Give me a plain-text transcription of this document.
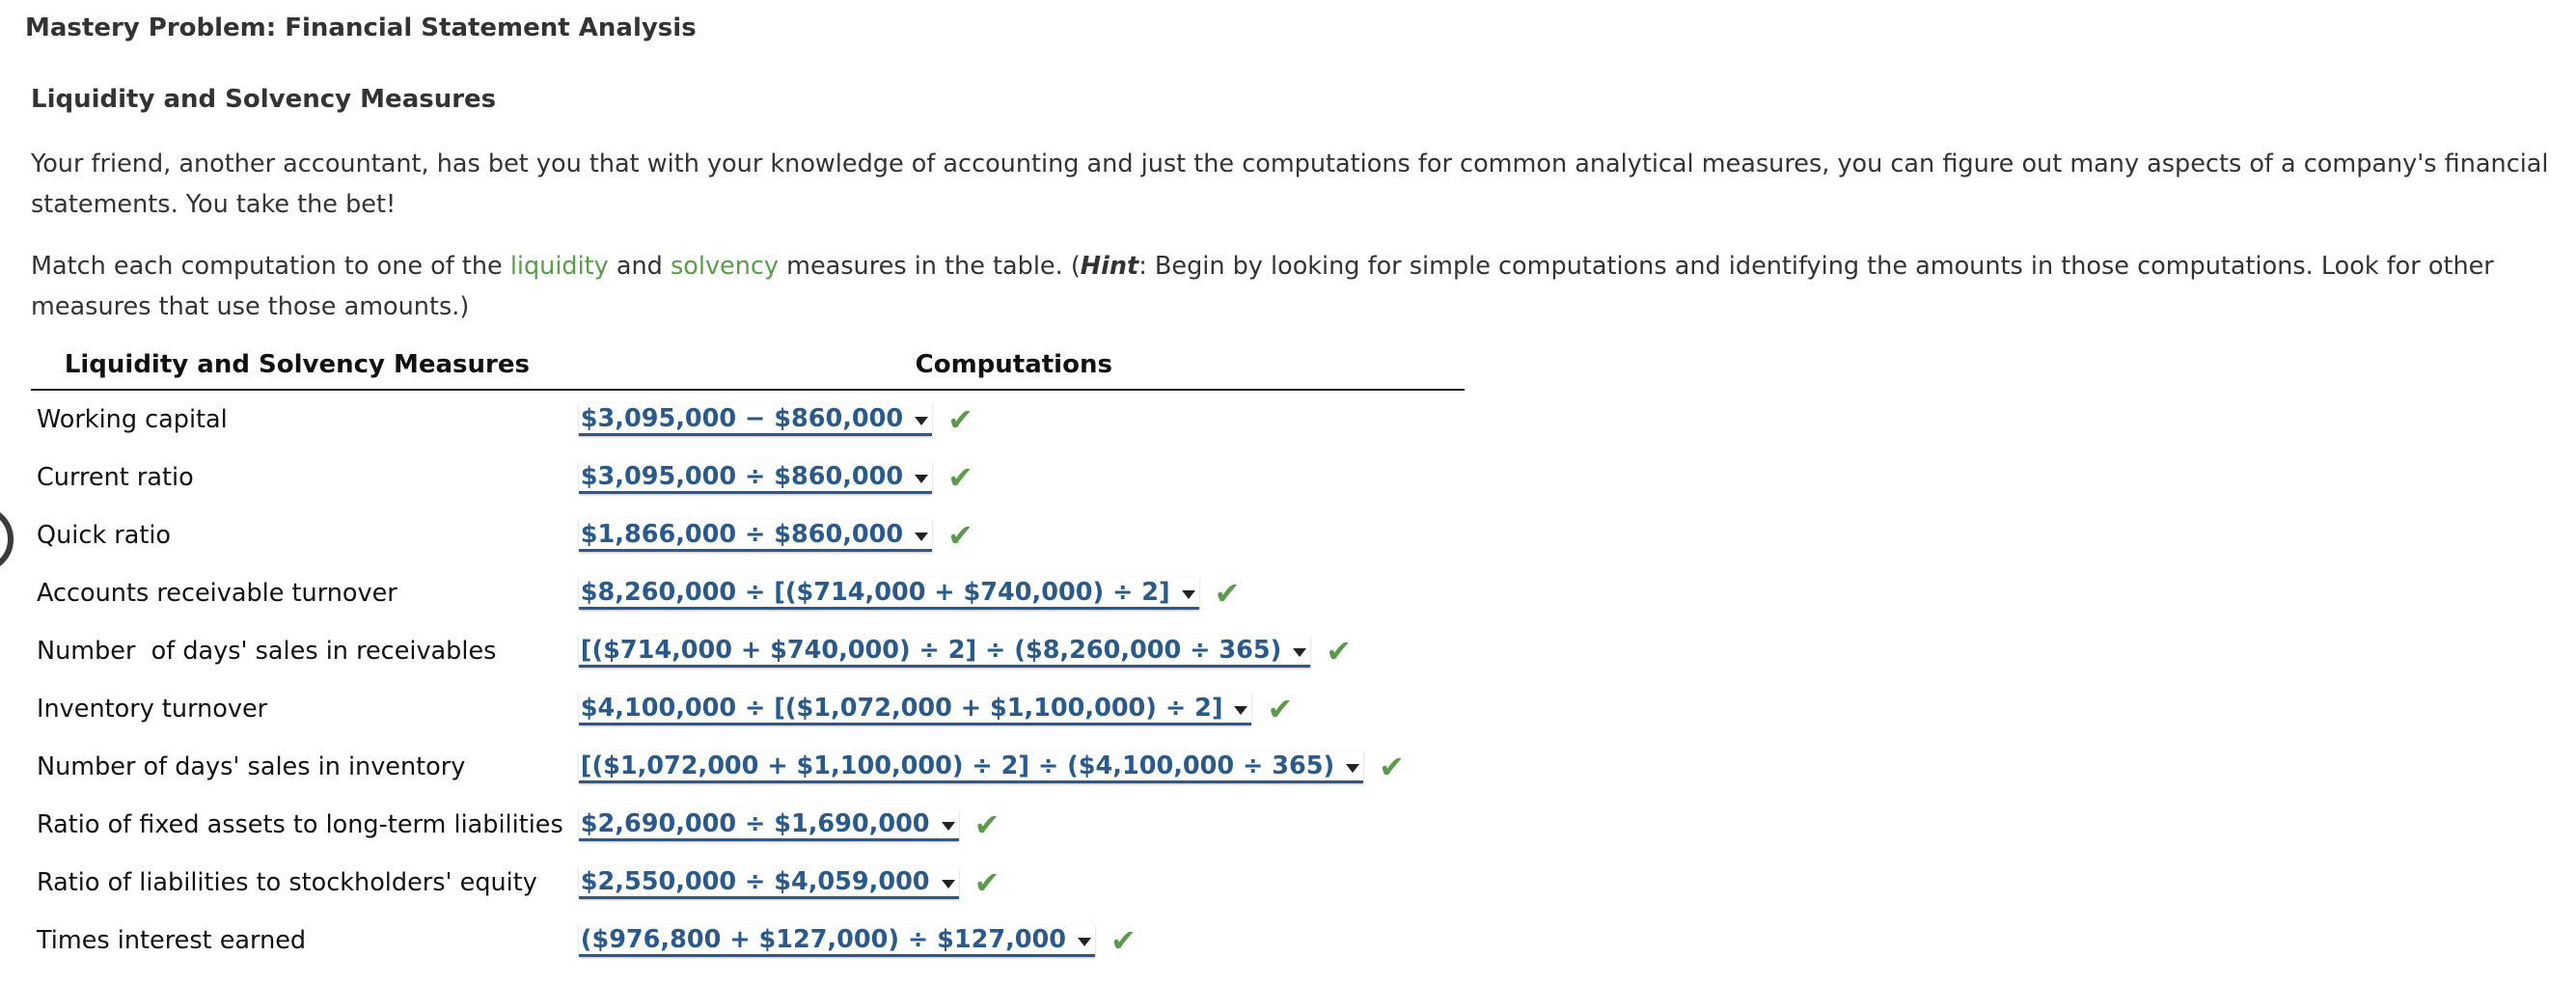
Mastery Problem: Financial Statement Analysis
Liquidity and Solvency Measures
Your friend, another accountant, has bet you that with your knowledge of accounting and just the computations for common analytical measures, you can figure out many aspects of a company's financial statements. You take the bet!
Match each computation to one of the liquidity and solvency measures in the table. (Hint: Begin by looking for simple computations and identifying the amounts in those computations. Look for other measures that use those amounts.)
Liquidity and Solvency Measures	Computations
Working capital	$3,095,000 − $860,000 ✔
Current ratio	$3,095,000 ÷ $860,000 ✔
Quick ratio	$1,866,000 ÷ $860,000 ✔
Accounts receivable turnover	$8,260,000 ÷ [($714,000 + $740,000) ÷ 2] ✔
Number  of days' sales in receivables	[($714,000 + $740,000) ÷ 2] ÷ ($8,260,000 ÷ 365) ✔
Inventory turnover	$4,100,000 ÷ [($1,072,000 + $1,100,000) ÷ 2] ✔
Number of days' sales in inventory	[($1,072,000 + $1,100,000) ÷ 2] ÷ ($4,100,000 ÷ 365) ✔
Ratio of fixed assets to long-term liabilities	$2,690,000 ÷ $1,690,000 ✔
Ratio of liabilities to stockholders' equity	$2,550,000 ÷ $4,059,000 ✔
Times interest earned	($976,800 + $127,000) ÷ $127,000 ✔
